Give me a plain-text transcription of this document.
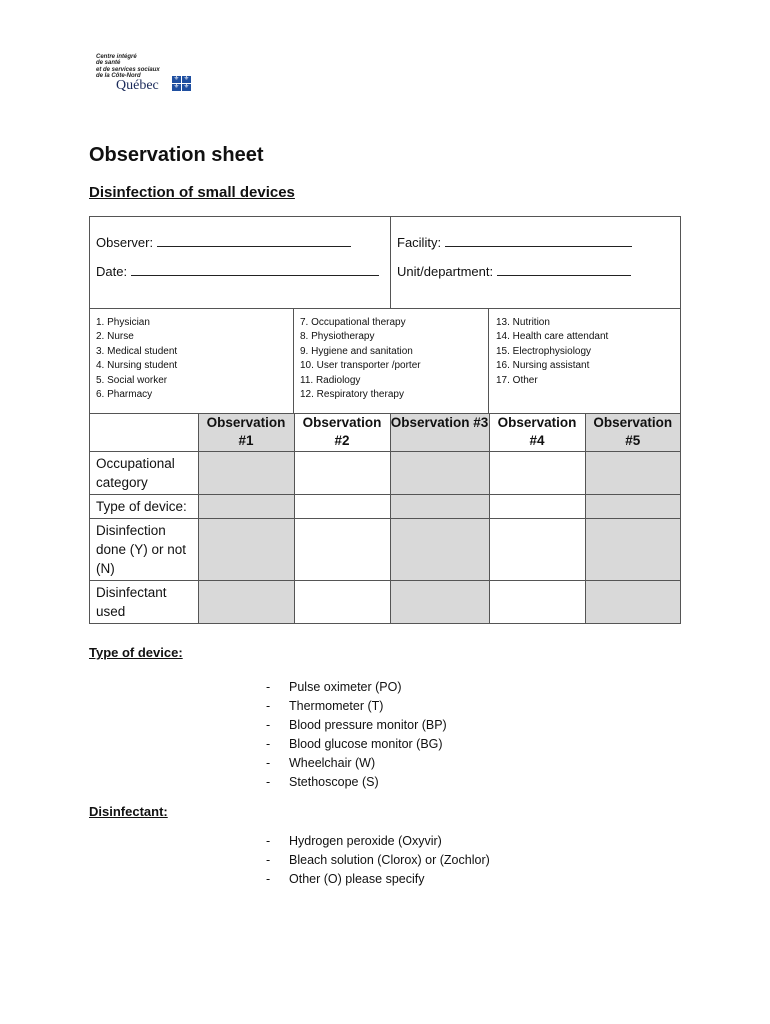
Centre intégré
de santé
et de services sociaux
de la Côte-Nord
Québec	⚜ ⚜
⚜ ⚜
Observation sheet
Disinfection of small devices
Observer:	Facility:
Date:	Unit/department:
1. Physician
2. Nurse
3. Medical student
4. Nursing student
5. Social worker
6. Pharmacy
7. Occupational therapy
8. Physiotherapy
9. Hygiene and sanitation
10. User transporter /porter
11. Radiology
12. Respiratory therapy
13. Nutrition
14. Health care attendant
15. Electrophysiology
16. Nursing assistant
17. Other
	Observation #1	Observation #2	Observation #3	Observation #4	Observation #5
Occupational category					
Type of device:					
Disinfection done (Y) or not (N)					
Disinfectant used					

Type of device:

- Pulse oximeter (PO)
- Thermometer (T)
- Blood pressure monitor (BP)
- Blood glucose monitor (BG)
- Wheelchair (W)
- Stethoscope (S)

Disinfectant:

- Hydrogen peroxide (Oxyvir)
- Bleach solution (Clorox) or (Zochlor)
- Other (O) please specify
